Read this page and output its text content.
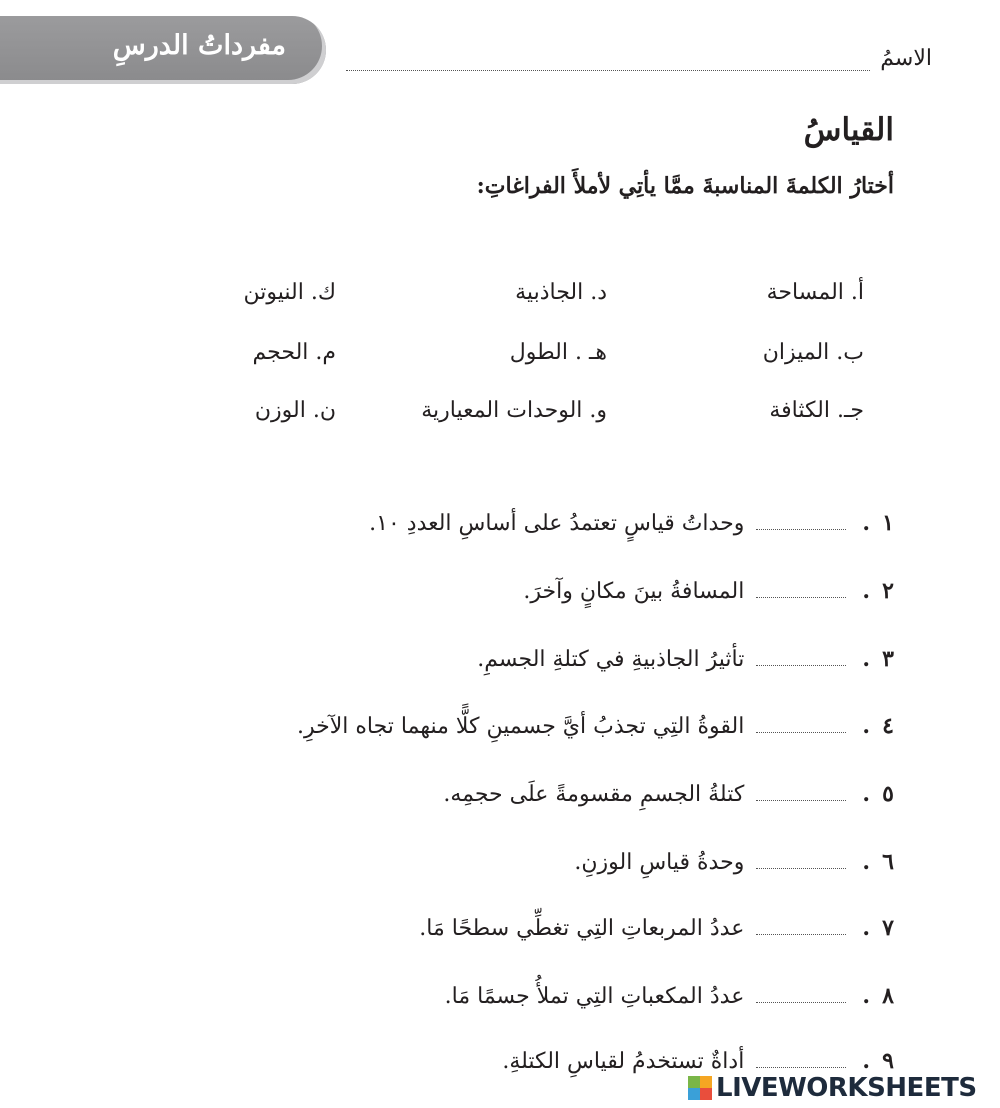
مفرداتُ الدرسِ	الاسمُ
القياسُ
أختارُ الكلمةَ المناسبةَ ممَّا يأتِي لأملأَ الفراغاتِ:
أ. المساحة
د. الجاذبية
ك. النيوتن
ب. الميزان
هـ . الطول
م. الحجم
جـ. الكثافة
و. الوحدات المعيارية
ن. الوزن
١.وحداتُ قياسٍ تعتمدُ على أساسِ العددِ ١٠.
٢.المسافةُ بينَ مكانٍ وآخرَ.
٣.تأثيرُ الجاذبيةِ في كتلةِ الجسمِ.
٤.القوةُ التِي تجذبُ أيَّ جسمينِ كلًّا منهما تجاه الآخرِ.
٥.كتلةُ الجسمِ مقسومةً علَى حجمِه.
٦.وحدةُ قياسِ الوزنِ.
٧.عددُ المربعاتِ التِي تغطِّي سطحًا مَا.
٨.عددُ المكعباتِ التِي تملأُ جسمًا مَا.
٩.أداةٌ تستخدمُ لقياسِ الكتلةِ.
LIVEWORKSHEETS
